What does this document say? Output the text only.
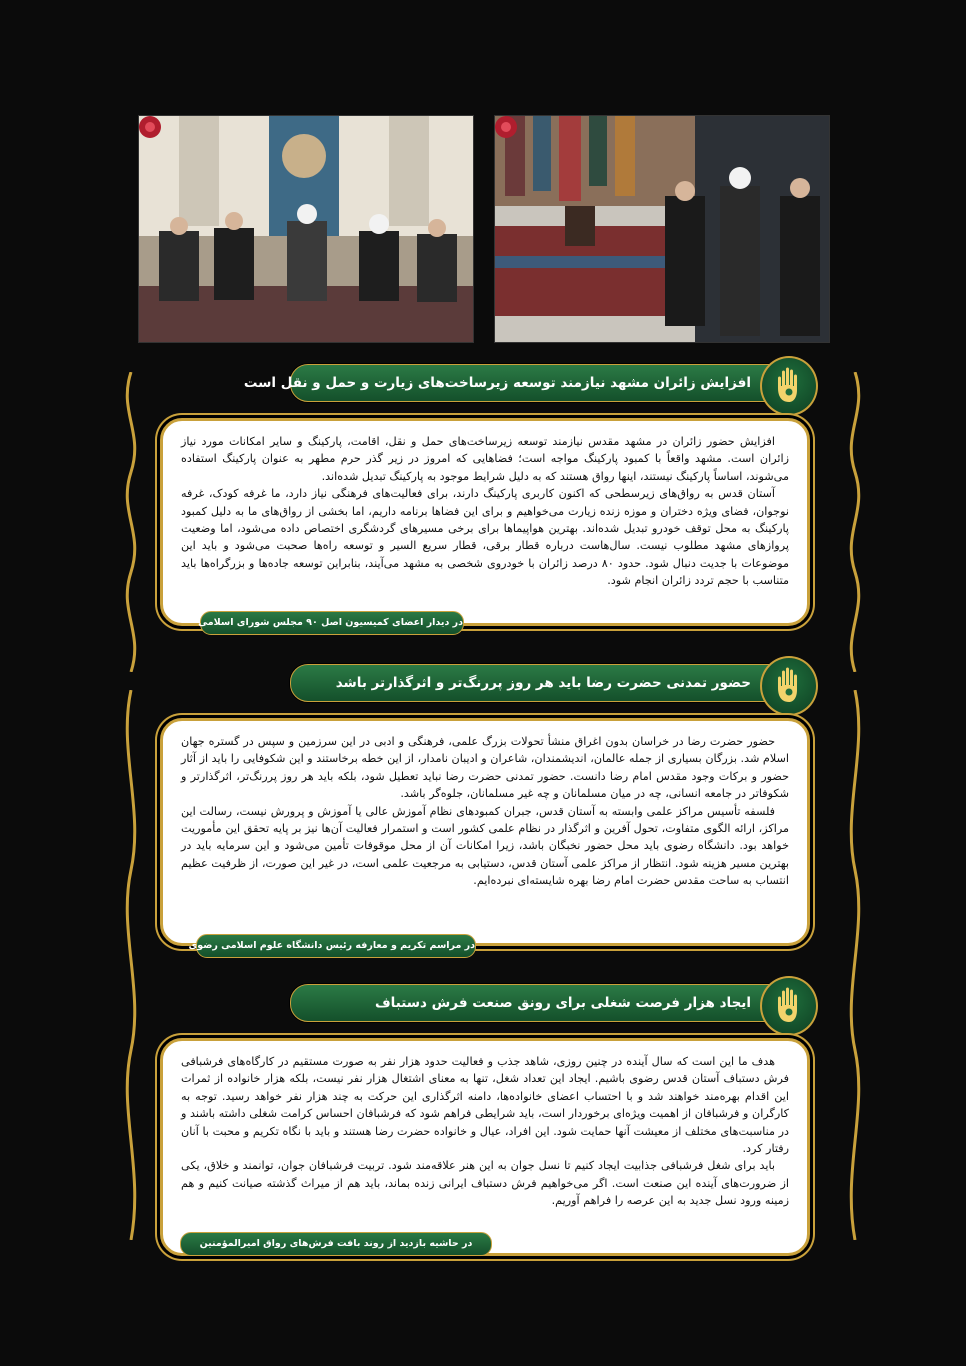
افزایش زائران مشهد نیازمند توسعه زیرساخت‌های زیارت و حمل و نقل است

افزایش حضور زائران در مشهد مقدس نیازمند توسعه زیرساخت‌های حمل و نقل، اقامت، پارکینگ و سایر امکانات مورد نیاز زائران است. مشهد واقعاً با کمبود پارکینگ مواجه است؛ فضاهایی که امروز در زیر گذر حرم مطهر به عنوان پارکینگ استفاده می‌شوند، اساساً پارکینگ نیستند، اینها رواق هستند که به دلیل شرایط موجود به پارکینگ تبدیل شده‌اند.

آستان قدس به رواق‌های زیرسطحی که اکنون کاربری پارکینگ دارند، برای فعالیت‌های فرهنگی نیاز دارد، ما غرفه کودک، غرفه نوجوان، فضای ویژه دختران و موزه زنده زیارت می‌خواهیم و برای این فضاها برنامه داریم، اما بخشی از رواق‌های ما به دلیل کمبود پارکینگ به محل توقف خودرو تبدیل شده‌اند. بهترین هواپیماها برای برخی مسیرهای گردشگری اختصاص داده می‌شود، اما وضعیت پروازهای مشهد مطلوب نیست. سال‌هاست درباره قطار برقی، قطار سریع السیر و توسعه راه‌ها صحبت می‌شود و باید این موضوعات با جدیت دنبال شود. حدود ۸۰ درصد زائران با خودروی شخصی به مشهد می‌آیند، بنابراین توسعه جاده‌ها و بزرگراه‌ها باید متناسب با حجم تردد زائران انجام شود.

در دیدار اعضای کمیسیون اصل ۹۰ مجلس شورای اسلامی
حضور تمدنی حضرت رضا باید هر روز پررنگ‌تر و اثرگذارتر باشد

حضور حضرت رضا در خراسان بدون اغراق منشأ تحولات بزرگ علمی، فرهنگی و ادبی در این سرزمین و سپس در گستره جهان اسلام شد. بزرگان بسیاری از جمله عالمان، اندیشمندان، شاعران و ادیبان نامدار، از این خطه برخاستند و این شکوفایی را باید از آثار حضور و برکات وجود مقدس امام رضا دانست. حضور تمدنی حضرت رضا نباید تعطیل شود، بلکه باید هر روز پررنگ‌تر، اثرگذارتر و شکوفاتر در جامعه انسانی، چه در میان مسلمانان و چه غیر مسلمانان، جلوه‌گر باشد.

فلسفه تأسیس مراکز علمی وابسته به آستان قدس، جبران کمبودهای نظام آموزش عالی یا آموزش و پرورش نیست، رسالت این مراکز، ارائه الگوی متفاوت، تحول آفرین و اثرگذار در نظام علمی کشور است و استمرار فعالیت آن‌ها نیز بر پایه تحقق این مأموریت خواهد بود. دانشگاه رضوی باید محل حضور نخبگان باشد، زیرا امکانات آن از محل موقوفات تأمین می‌شود و این سرمایه باید در بهترین مسیر هزینه شود. انتظار از مراکز علمی آستان قدس، دستیابی به مرجعیت علمی است، در غیر این صورت، از ظرفیت عظیم انتساب به ساحت مقدس حضرت امام رضا بهره شایسته‌ای نبرده‌ایم.

در مراسم تکریم و معارفه رئیس دانشگاه علوم اسلامی رضوی
ایجاد هزار فرصت شغلی برای رونق صنعت فرش دستباف

هدف ما این است که سال آینده در چنین روزی، شاهد جذب و فعالیت حدود هزار نفر به صورت مستقیم در کارگاه‌های فرشبافی فرش دستباف آستان قدس رضوی باشیم. ایجاد این تعداد شغل، تنها به معنای اشتغال هزار نفر نیست، بلکه هزار خانواده از ثمرات این اقدام بهره‌مند خواهند شد و با احتساب اعضای خانواده‌ها، دامنه اثرگذاری این حرکت به چند هزار نفر خواهد رسید. توجه به کارگران و فرشبافان از اهمیت ویژه‌ای برخوردار است، باید شرایطی فراهم شود که فرشبافان احساس کرامت شغلی داشته باشند و در مناسبت‌های مختلف از معیشت آنها حمایت شود. این افراد، عیال و خانواده حضرت رضا هستند و باید با نگاه تکریم و محبت با آنان رفتار کرد.

باید برای شغل فرشبافی جذابیت ایجاد کنیم تا نسل جوان به این هنر علاقه‌مند شود. تربیت فرشبافان جوان، توانمند و خلاق، یکی از ضرورت‌های آینده این صنعت است. اگر می‌خواهیم فرش دستباف ایرانی زنده بماند، باید هم از میراث گذشته صیانت کنیم و هم زمینه ورود نسل جدید به این عرصه را فراهم آوریم.

در حاشیه بازدید از روند بافت فرش‌های رواق امیرالمؤمنین
